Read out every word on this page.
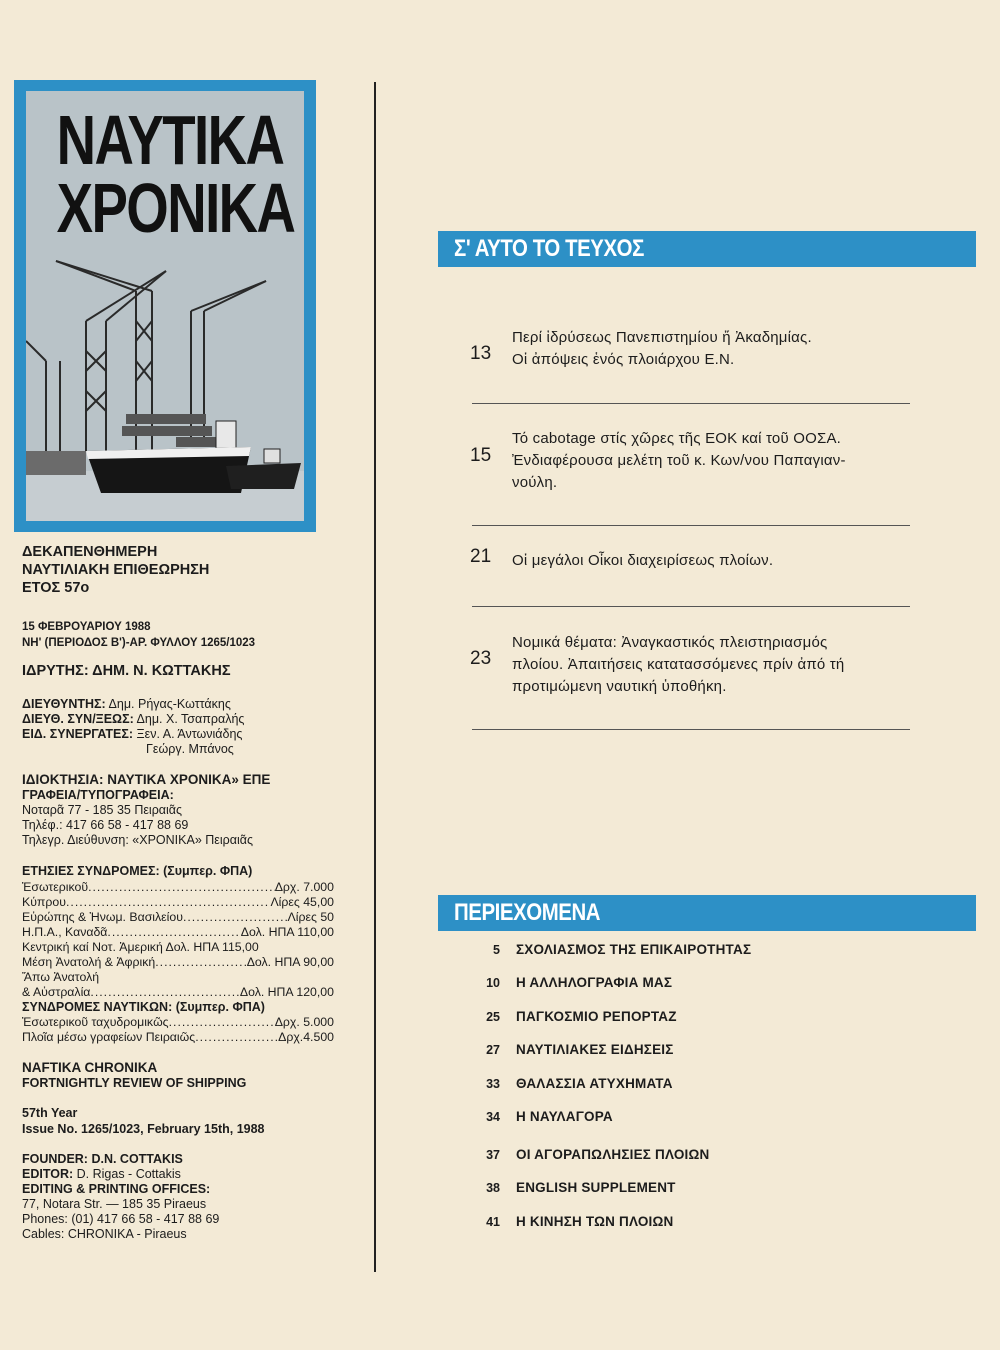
ΝΑΥΤΙΚΑ
ΧΡΟΝΙΚΑ
ΔΕΚΑΠΕΝΘΗΜΕΡΗ
ΝΑΥΤΙΛΙΑΚΗ ΕΠΙΘΕΩΡΗΣΗ
ΕΤΟΣ 57ο
15 ΦΕΒΡΟΥΑΡΙΟΥ 1988
ΝΗ' (ΠΕΡΙΟΔΟΣ Β')-ΑΡ. ΦΥΛΛΟΥ 1265/1023
ΙΔΡΥΤΗΣ: ΔΗΜ. Ν. ΚΩΤΤΑΚΗΣ
ΔΙΕΥΘΥΝΤΗΣ: Δημ. Ρήγας-Κωττάκης
ΔΙΕΥΘ. ΣΥΝ/ΞΕΩΣ: Δημ. Χ. Τσαπραλής
ΕΙΔ. ΣΥΝΕΡΓΑΤΕΣ: Ξεν. Α. Άντωνιάδης
Γεώργ. Μπάνος
ΙΔΙΟΚΤΗΣΙΑ: ΝΑΥΤΙΚΑ ΧΡΟΝΙΚΑ» ΕΠΕ
ΓΡΑΦΕΙΑ/ΤΥΠΟΓΡΑΦΕΙΑ:
Νοταρᾶ 77 - 185 35 Πειραιᾶς
Τηλέφ.: 417 66 58 - 417 88 69
Τηλεγρ. Διεύθυνση: «ΧΡΟΝΙΚΑ» Πειραιᾶς
ΕΤΗΣΙΕΣ ΣΥΝΔΡΟΜΕΣ: (Συμπερ. ΦΠΑ)
Ἐσωτερικοῦ .....	Δρχ. 7.000
Κύπρου .....	Λίρες 45,00
Εὐρώπης & Ἡνωμ. Βασιλείου .....	Λίρες 50
Η.Π.Α., Καναδᾶ .....	Δολ. ΗΠΑ 110,00
Κεντρική καί Νοτ. Ἀμερική Δολ. ΗΠΑ 115,00
Μέση Ἀνατολή & Ἀφρική .....	Δολ. ΗΠΑ 90,00
Ἄπω Ἀνατολή
& Αὐστραλία .....	Δολ. ΗΠΑ 120,00
ΣΥΝΔΡΟΜΕΣ ΝΑΥΤΙΚΩΝ: (Συμπερ. ΦΠΑ)
Ἐσωτερικοῦ ταχυδρομικῶς .....	Δρχ. 5.000
Πλοῖα μέσω γραφείων Πειραιῶς .....	Δρχ.4.500
NAFTIKA CHRONIKA
FORTNIGHTLY REVIEW OF SHIPPING
57th Year
Issue No. 1265/1023, February 15th, 1988
FOUNDER: D.N. COTTAKIS
EDITOR: D. Rigas - Cottakis
EDITING & PRINTING OFFICES:
77, Notara Str. — 185 35 Piraeus
Phones: (01) 417 66 58 - 417 88 69
Cables: CHRONIKA - Piraeus
Σ' ΑΥΤΟ ΤΟ ΤΕΥΧΟΣ
13
Περί ἱδρύσεως Πανεπιστημίου ἤ Ἀκαδημίας.
Οἱ ἀπόψεις ἑνός πλοιάρχου Ε.Ν.
15
Τό cabotage στίς χῶρες τῆς ΕΟΚ καί τοῦ ΟΟΣΑ.
Ἐνδιαφέρουσα μελέτη τοῦ κ. Κων/νου Παπαγιαν-
νούλη.
21 Οἱ μεγάλοι Οἶκοι διαχειρίσεως πλοίων.
23
Νομικά θέματα: Ἀναγκαστικός πλειστηριασμός
πλοίου. Ἀπαιτήσεις κατατασσόμενες πρίν ἀπό τή
προτιμώμενη ναυτική ὑποθήκη.
ΠΕΡΙΕΧΟΜΕΝΑ
5 ΣΧΟΛΙΑΣΜΟΣ ΤΗΣ ΕΠΙΚΑΙΡΟΤΗΤΑΣ
10 Η ΑΛΛΗΛΟΓΡΑΦΙΑ ΜΑΣ
25 ΠΑΓΚΟΣΜΙΟ ΡΕΠΟΡΤΑΖ
27 ΝΑΥΤΙΛΙΑΚΕΣ ΕΙΔΗΣΕΙΣ
33 ΘΑΛΑΣΣΙΑ ΑΤΥΧΗΜΑΤΑ
34 Η ΝΑΥΛΑΓΟΡΑ
37 ΟΙ ΑΓΟΡΑΠΩΛΗΣΙΕΣ ΠΛΟΙΩΝ
38 ENGLISH SUPPLEMENT
41 Η ΚΙΝΗΣΗ ΤΩΝ ΠΛΟΙΩΝ
